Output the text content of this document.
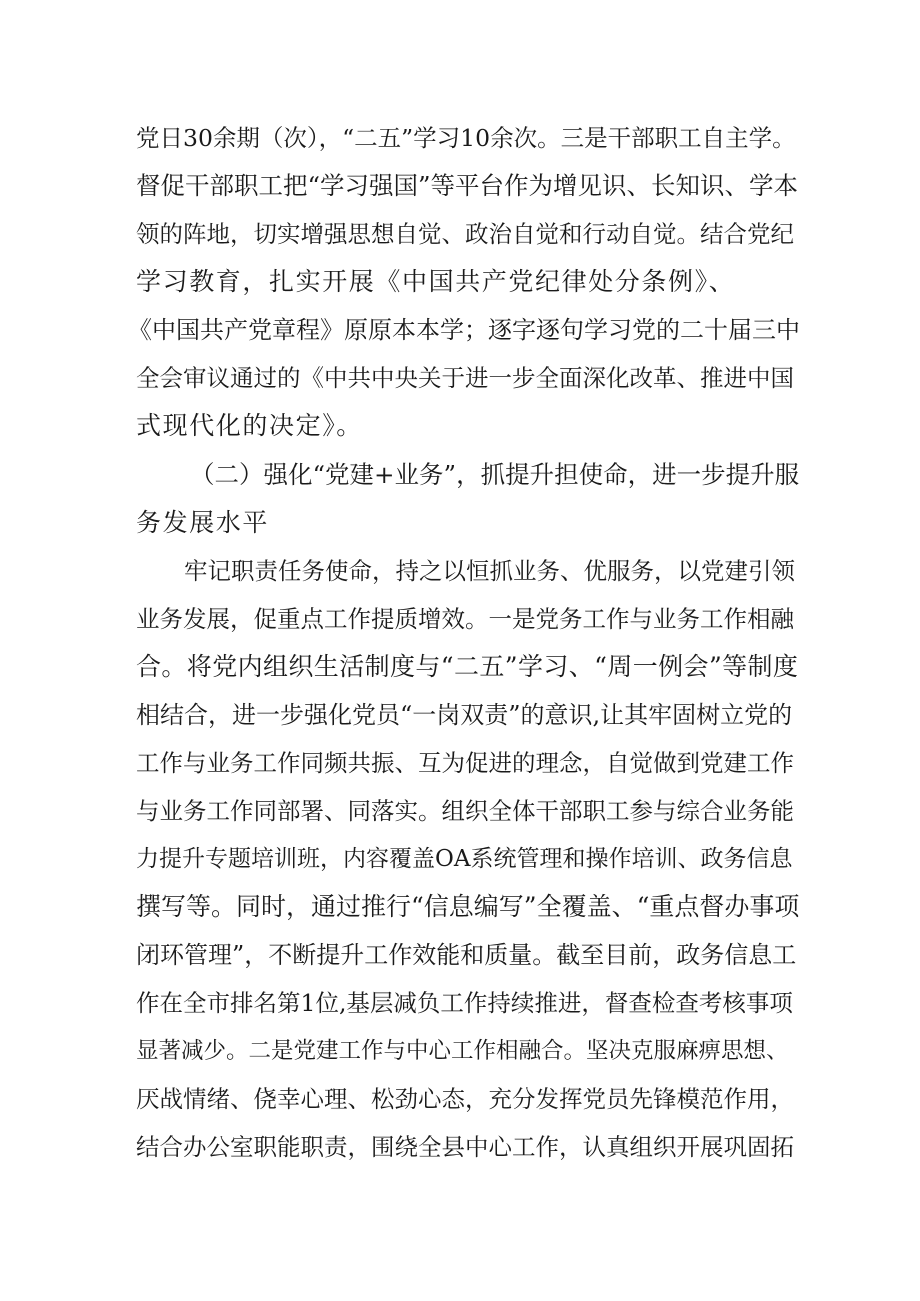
党日30余期（次），“二五”学习10余次。三是干部职工自主学。
督促干部职工把“学习强国”等平台作为增见识、长知识、学本
领的阵地，切实增强思想自觉、政治自觉和行动自觉。结合党纪
学习教育，扎实开展《中国共产党纪律处分条例》、
《中国共产党章程》原原本本学；逐字逐句学习党的二十届三中
全会审议通过的《中共中央关于进一步全面深化改革、推进中国
式现代化的决定》。
（二）强化“党建+业务”，抓提升担使命，进一步提升服
务发展水平
牢记职责任务使命，持之以恒抓业务、优服务，以党建引领
业务发展，促重点工作提质增效。一是党务工作与业务工作相融
合。将党内组织生活制度与“二五”学习、“周一例会”等制度
相结合，进一步强化党员“一岗双责”的意识,让其牢固树立党的
工作与业务工作同频共振、互为促进的理念，自觉做到党建工作
与业务工作同部署、同落实。组织全体干部职工参与综合业务能
力提升专题培训班，内容覆盖OA系统管理和操作培训、政务信息
撰写等。同时，通过推行“信息编写”全覆盖、“重点督办事项
闭环管理”，不断提升工作效能和质量。截至目前，政务信息工
作在全市排名第1位,基层减负工作持续推进，督查检查考核事项
显著减少。二是党建工作与中心工作相融合。坚决克服麻痹思想、
厌战情绪、侥幸心理、松劲心态，充分发挥党员先锋模范作用，
结合办公室职能职责，围绕全县中心工作，认真组织开展巩固拓
